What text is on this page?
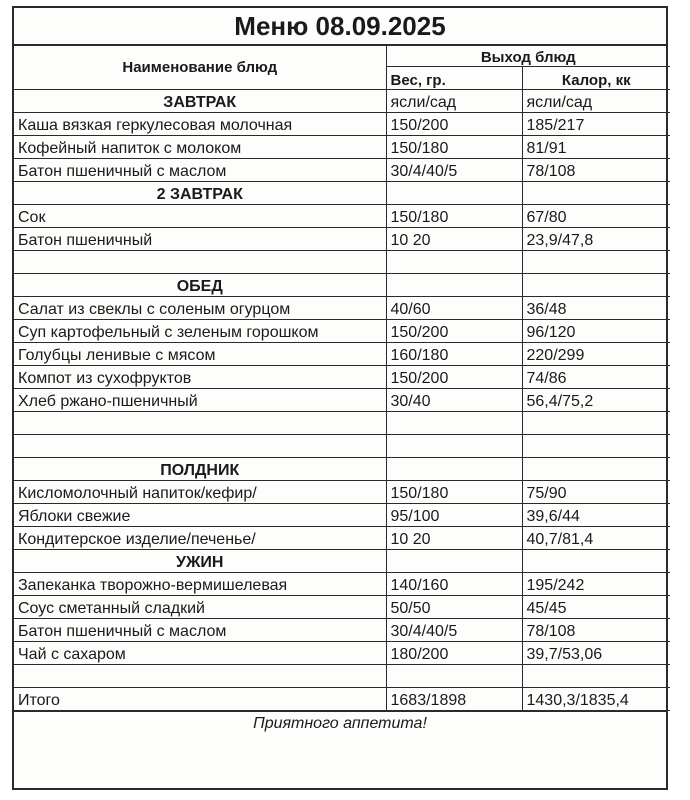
Меню 08.09.2025
Наименование блюд	Выход блюд	
	Вес, гр.	Калор, кк
ЗАВТРАК	ясли/сад	ясли/сад
Каша вязкая геркулесовая молочная	150/200	185/217
Кофейный напиток с молоком	150/180	81/91
Батон пшеничный с маслом	30/4/40/5	78/108
2 ЗАВТРАК		
Сок	150/180	67/80
Батон пшеничный	10 20	23,9/47,8

ОБЕД		
Салат из свеклы с соленым огурцом	40/60	36/48
Суп картофельный с зеленым горошком	150/200	96/120
Голубцы ленивые с мясом	160/180	220/299
Компот из сухофруктов	150/200	74/86
Хлеб ржано-пшеничный	30/40	56,4/75,2

ПОЛДНИК		
Кисломолочный напиток/кефир/	150/180	75/90
Яблоки свежие	95/100	39,6/44
Кондитерское изделие/печенье/	10 20	40,7/81,4
УЖИН		
Запеканка творожно-вермишелевая	140/160	195/242
Соус сметанный сладкий	50/50	45/45
Батон пшеничный с маслом	30/4/40/5	78/108
Чай с сахаром	180/200	39,7/53,06

Итого	1683/1898	1430,3/1835,4
Приятного аппетита!
